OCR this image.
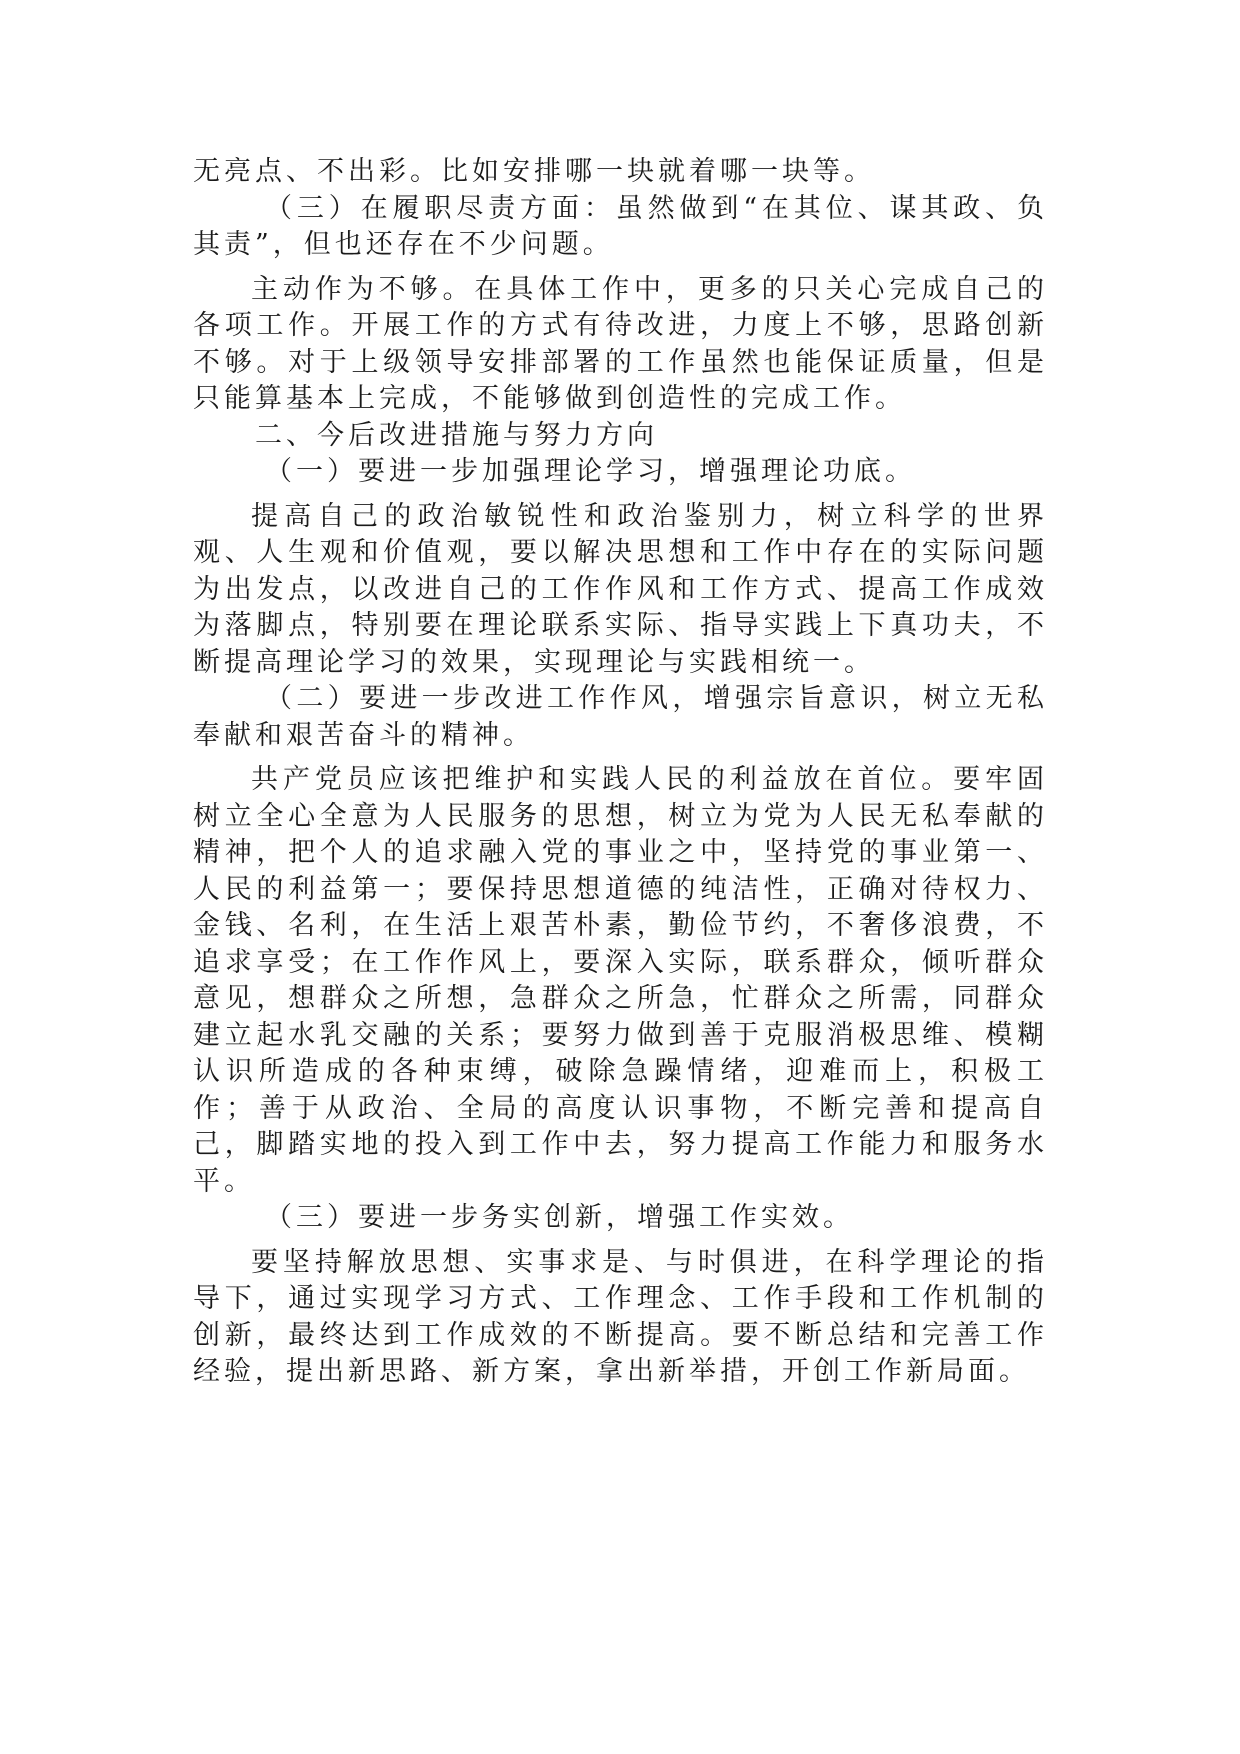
无亮点、不出彩。比如安排哪一块就着哪一块等。

（三）在履职尽责方面：虽然做到“在其位、谋其政、负其责”，但也还存在不少问题。

主动作为不够。在具体工作中，更多的只关心完成自己的各项工作。开展工作的方式有待改进，力度上不够，思路创新不够。对于上级领导安排部署的工作虽然也能保证质量，但是只能算基本上完成，不能够做到创造性的完成工作。

二、今后改进措施与努力方向

（一）要进一步加强理论学习，增强理论功底。

提高自己的政治敏锐性和政治鉴别力，树立科学的世界观、人生观和价值观，要以解决思想和工作中存在的实际问题为出发点，以改进自己的工作作风和工作方式、提高工作成效为落脚点，特别要在理论联系实际、指导实践上下真功夫，不断提高理论学习的效果，实现理论与实践相统一。

（二）要进一步改进工作作风，增强宗旨意识，树立无私奉献和艰苦奋斗的精神。

共产党员应该把维护和实践人民的利益放在首位。要牢固树立全心全意为人民服务的思想，树立为党为人民无私奉献的精神，把个人的追求融入党的事业之中，坚持党的事业第一、人民的利益第一；要保持思想道德的纯洁性，正确对待权力、金钱、名利，在生活上艰苦朴素，勤俭节约，不奢侈浪费，不追求享受；在工作作风上，要深入实际，联系群众，倾听群众意见，想群众之所想，急群众之所急，忙群众之所需，同群众建立起水乳交融的关系；要努力做到善于克服消极思维、模糊认识所造成的各种束缚，破除急躁情绪，迎难而上，积极工作；善于从政治、全局的高度认识事物，不断完善和提高自己，脚踏实地的投入到工作中去，努力提高工作能力和服务水平。

（三）要进一步务实创新，增强工作实效。

要坚持解放思想、实事求是、与时俱进，在科学理论的指导下，通过实现学习方式、工作理念、工作手段和工作机制的创新，最终达到工作成效的不断提高。要不断总结和完善工作经验，提出新思路、新方案，拿出新举措，开创工作新局面。
